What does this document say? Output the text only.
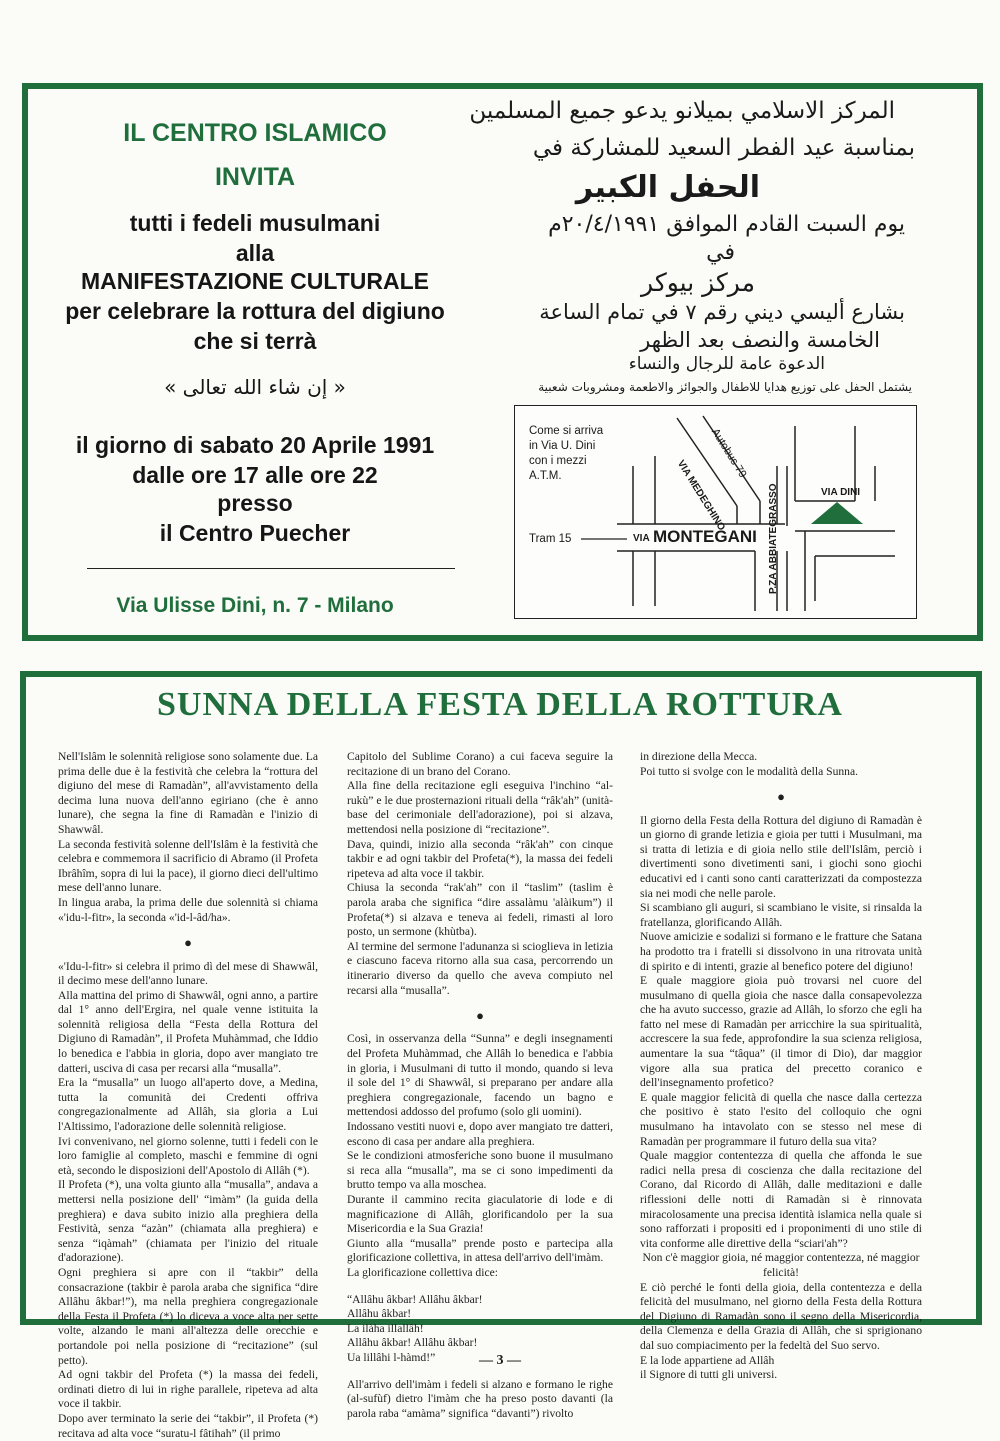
IL CENTRO ISLAMICO
INVITA
tutti i fedeli musulmani
alla
MANIFESTAZIONE CULTURALE
per celebrare la rottura del digiuno
che si terrà
« إن شاء الله تعالى »
il giorno di sabato 20 Aprile 1991
dalle ore 17 alle ore 22
presso
il Centro Puecher
Via Ulisse Dini, n. 7 - Milano
المركز الاسلامي بميلانو يدعو جميع المسلمين
بمناسبة عيد الفطر السعيد للمشاركة في
الحفل الكبير
يوم السبت القادم الموافق ٢٠/٤/١٩٩١م
في
مركز بيوكر
بشارع أليسي ديني رقم ٧ في تمام الساعة
الخامسة والنصف بعد الظهر
الدعوة عامة للرجال والنساء
يشتمل الحفل على توزيع هدايا للاطفال والجوائز والاطعمة ومشروبات شعبية
Come si arriva
in Via U. Dini
con i mezzi
A.T.M.
Tram 15	VIA MONTEGANI
VIA MEDEGHINO
Autobus 79
P.ZA ABBIATEGRASSO	VIA DINI
SUNNA DELLA FESTA DELLA ROTTURA

Nell'Islâm le solennità religiose sono solamente due. La prima delle due è la festività che celebra la “rottura del digiuno del mese di Ramadàn”, all'avvistamento della decima luna nuova dell'anno egiriano (che è anno lunare), che segna la fine di Ramadàn e l'inizio di Shawwâl.

La seconda festività solenne dell'Islâm è la festività che celebra e commemora il sacrificio di Abramo (il Profeta Ibrâhîm, sopra di lui la pace), il giorno dieci dell'ultimo mese dell'anno lunare.

In lingua araba, la prima delle due solennità si chiama «'idu-l-fitr», la seconda «'id-l-âd/ha».

●

«'Idu-l-fitr» si celebra il primo dì del mese di Shawwâl, il decimo mese dell'anno lunare.

Alla mattina del primo di Shawwâl, ogni anno, a partire dal 1° anno dell'Ergira, nel quale venne istituita la solennità religiosa della “Festa della Rottura del Digiuno di Ramadàn”, il Profeta Muhàmmad, che Iddio lo benedica e l'abbia in gloria, dopo aver mangiato tre datteri, usciva di casa per recarsi alla “musalla”.

Era la “musalla” un luogo all'aperto dove, a Medina, tutta la comunità dei Credenti offriva congregazionalmente ad Allâh, sia gloria a Lui l'Altissimo, l'adorazione delle solennità religiose.

Ivi convenivano, nel giorno solenne, tutti i fedeli con le loro famiglie al completo, maschi e femmine di ogni età, secondo le disposizioni dell'Apostolo di Allâh (*).

Il Profeta (*), una volta giunto alla “musalla”, andava a mettersi nella posizione dell' “imàm” (la guida della preghiera) e dava subito inizio alla preghiera della Festività, senza “azàn” (chiamata alla preghiera) e senza “iqàmah” (chiamata per l'inizio del rituale d'adorazione).

Ogni preghiera si apre con il “takbir” della consacrazione (takbir è parola araba che significa “dire Allâhu âkbar!”), ma nella preghiera congregazionale della Festa il Profeta (*) lo diceva a voce alta per sette volte, alzando le mani all'altezza delle orecchie e portandole poi nella posizione di “recitazione” (sul petto).

Ad ogni takbir del Profeta (*) la massa dei fedeli, ordinati dietro di lui in righe parallele, ripeteva ad alta voce il takbir.

Dopo aver terminato la serie dei “takbir”, il Profeta (*) recitava ad alta voce “suratu-l fâtihah” (il primo

Capitolo del Sublime Corano) a cui faceva seguire la recitazione di un brano del Corano.

Alla fine della recitazione egli eseguiva l'inchino “al-rukù” e le due prosternazioni rituali della “râk'ah” (unità-base del cerimoniale dell'adorazione), poi si alzava, mettendosi nella posizione di “recitazione”.

Dava, quindi, inizio alla seconda “râk'ah” con cinque takbir e ad ogni takbir del Profeta(*), la massa dei fedeli ripeteva ad alta voce il takbir.

Chiusa la seconda “rak'ah” con il “taslim” (taslim è parola araba che significa “dire assalàmu 'alàikum”) il Profeta(*) si alzava e teneva ai fedeli, rimasti al loro posto, un sermone (khùtba).

Al termine del sermone l'adunanza si scioglieva in letizia e ciascuno faceva ritorno alla sua casa, percorrendo un itinerario diverso da quello che aveva compiuto nel recarsi alla “musalla”.

●

Così, in osservanza della “Sunna” e degli insegnamenti del Profeta Muhàmmad, che Allâh lo benedica e l'abbia in gloria, i Musulmani di tutto il mondo, quando si leva il sole del 1° di Shawwâl, si preparano per andare alla preghiera congregazionale, facendo un bagno e mettendosi addosso del profumo (solo gli uomini).

Indossano vestiti nuovi e, dopo aver mangiato tre datteri, escono di casa per andare alla preghiera.

Se le condizioni atmosferiche sono buone il musulmano si reca alla “musalla”, ma se ci sono impedimenti da brutto tempo va alla moschea.

Durante il cammino recita giaculatorie di lode e di magnificazione di Allâh, glorificandolo per la sua Misericordia e la Sua Grazia!

Giunto alla “musalla” prende posto e partecipa alla glorificazione collettiva, in attesa dell'arrivo dell'imàm.

La glorificazione collettiva dice:

“Allâhu âkbar! Allâhu âkbar!

Allâhu âkbar!

La ilàha illallâh!

Allâhu âkbar! Allâhu âkbar!

Ua lillâhi l-hàmd!”

All'arrivo dell'imàm i fedeli si alzano e formano le righe (al-sufùf) dietro l'imàm che ha preso posto davanti (la parola raba “amàma” significa “davanti”) rivolto

in direzione della Mecca.

Poi tutto si svolge con le modalità della Sunna.

●

Il giorno della Festa della Rottura del digiuno di Ramadàn è un giorno di grande letizia e gioia per tutti i Musulmani, ma si tratta di letizia e di gioia nello stile dell'Islâm, perciò i divertimenti sono divetimenti sani, i giochi sono giochi educativi ed i canti sono canti caratterizzati da compostezza sia nei modi che nelle parole.

Si scambiano gli auguri, si scambiano le visite, si rinsalda la fratellanza, glorificando Allâh.

Nuove amicizie e sodalizi si formano e le fratture che Satana ha prodotto tra i fratelli si dissolvono in una ritrovata unità di spirito e di intenti, grazie al benefico potere del digiuno!

E quale maggiore gioia può trovarsi nel cuore del musulmano di quella gioia che nasce dalla consapevolezza che ha avuto successo, grazie ad Allâh, lo sforzo che egli ha fatto nel mese di Ramadàn per arricchire la sua spiritualità, accrescere la sua fede, approfondire la sua scienza religiosa, aumentare la sua “tâqua” (il timor di Dio), dar maggior vigore alla sua pratica del precetto coranico e dell'insegnamento profetico?

E quale maggior felicità di quella che nasce dalla certezza che positivo è stato l'esito del colloquio che ogni musulmano ha intavolato con se stesso nel mese di Ramadàn per programmare il futuro della sua vita?

Quale maggior contentezza di quella che affonda le sue radici nella presa di coscienza che dalla recitazione del Corano, dal Ricordo di Allâh, dalle meditazioni e dalle riflessioni delle notti di Ramadàn si è rinnovata miracolosamente una precisa identità islamica nella quale si sono rafforzati i propositi ed i proponimenti di uno stile di vita conforme alle direttive della “sciari'ah”?

Non c'è maggior gioia, né maggior contentezza, né maggior felicità!

E ciò perché le fonti della gioia, della contentezza e della felicità del musulmano, nel giorno della Festa della Rottura del Digiuno di Ramadàn sono il segno della Misericordia, della Clemenza e della Grazia di Allâh, che si sprigionano dal suo compiacimento per la fedeltà del Suo servo.

E la lode appartiene ad Allâh

il Signore di tutti gli universi.

— 3 —
